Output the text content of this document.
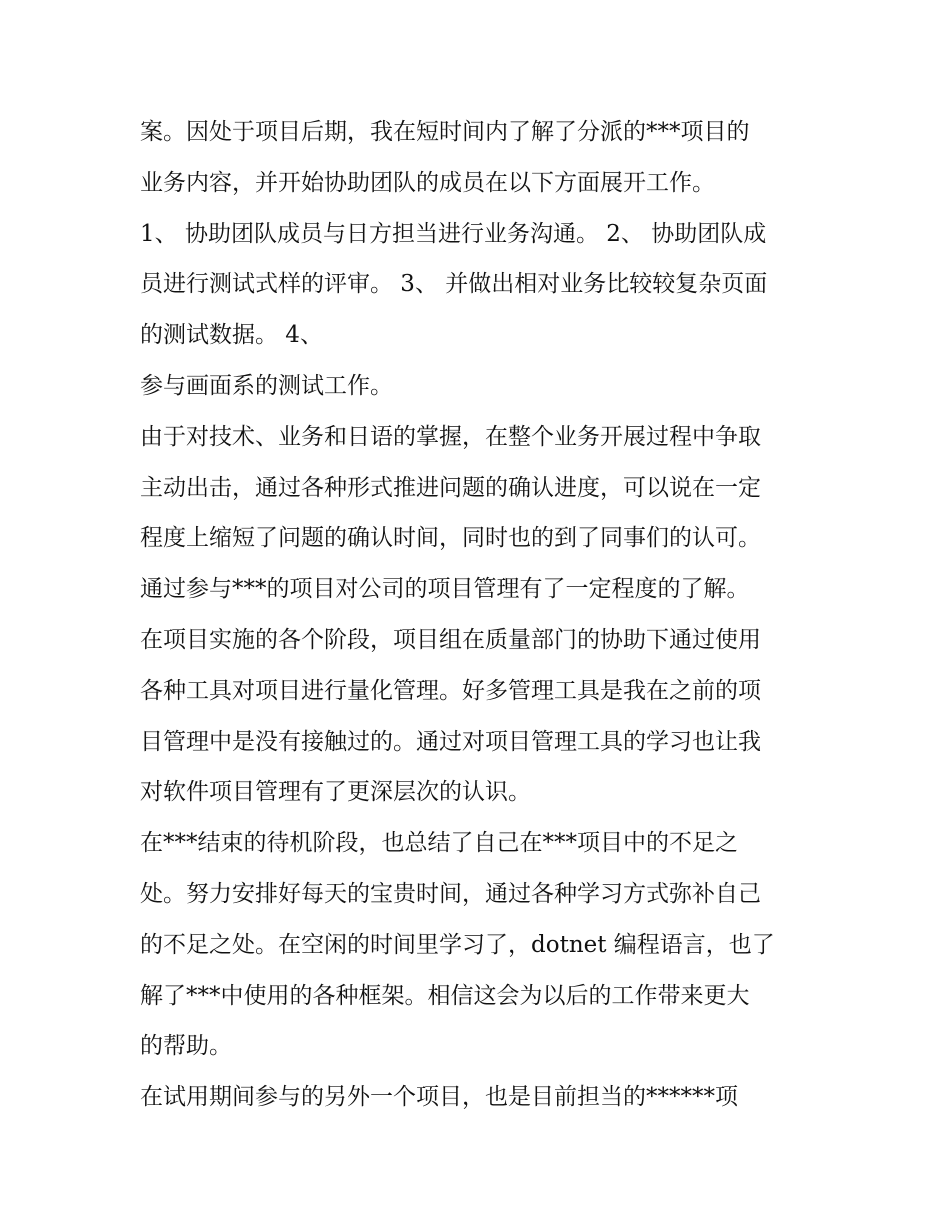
案。因处于项目后期，我在短时间内了解了分派的***项目的
业务内容，并开始协助团队的成员在以下方面展开工作。
1、 协助团队成员与日方担当进行业务沟通。 2、 协助团队成
员进行测试式样的评审。 3、 并做出相对业务比较较复杂页面
的测试数据。 4、
参与画面系的测试工作。
由于对技术、业务和日语的掌握，在整个业务开展过程中争取
主动出击，通过各种形式推进问题的确认进度，可以说在一定
程度上缩短了问题的确认时间，同时也的到了同事们的认可。
通过参与***的项目对公司的项目管理有了一定程度的了解。
在项目实施的各个阶段，项目组在质量部门的协助下通过使用
各种工具对项目进行量化管理。好多管理工具是我在之前的项
目管理中是没有接触过的。通过对项目管理工具的学习也让我
对软件项目管理有了更深层次的认识。
在***结束的待机阶段，也总结了自己在***项目中的不足之
处。努力安排好每天的宝贵时间，通过各种学习方式弥补自己
的不足之处。在空闲的时间里学习了，dotnet 编程语言，也了
解了***中使用的各种框架。相信这会为以后的工作带来更大
的帮助。
在试用期间参与的另外一个项目，也是目前担当的******项
